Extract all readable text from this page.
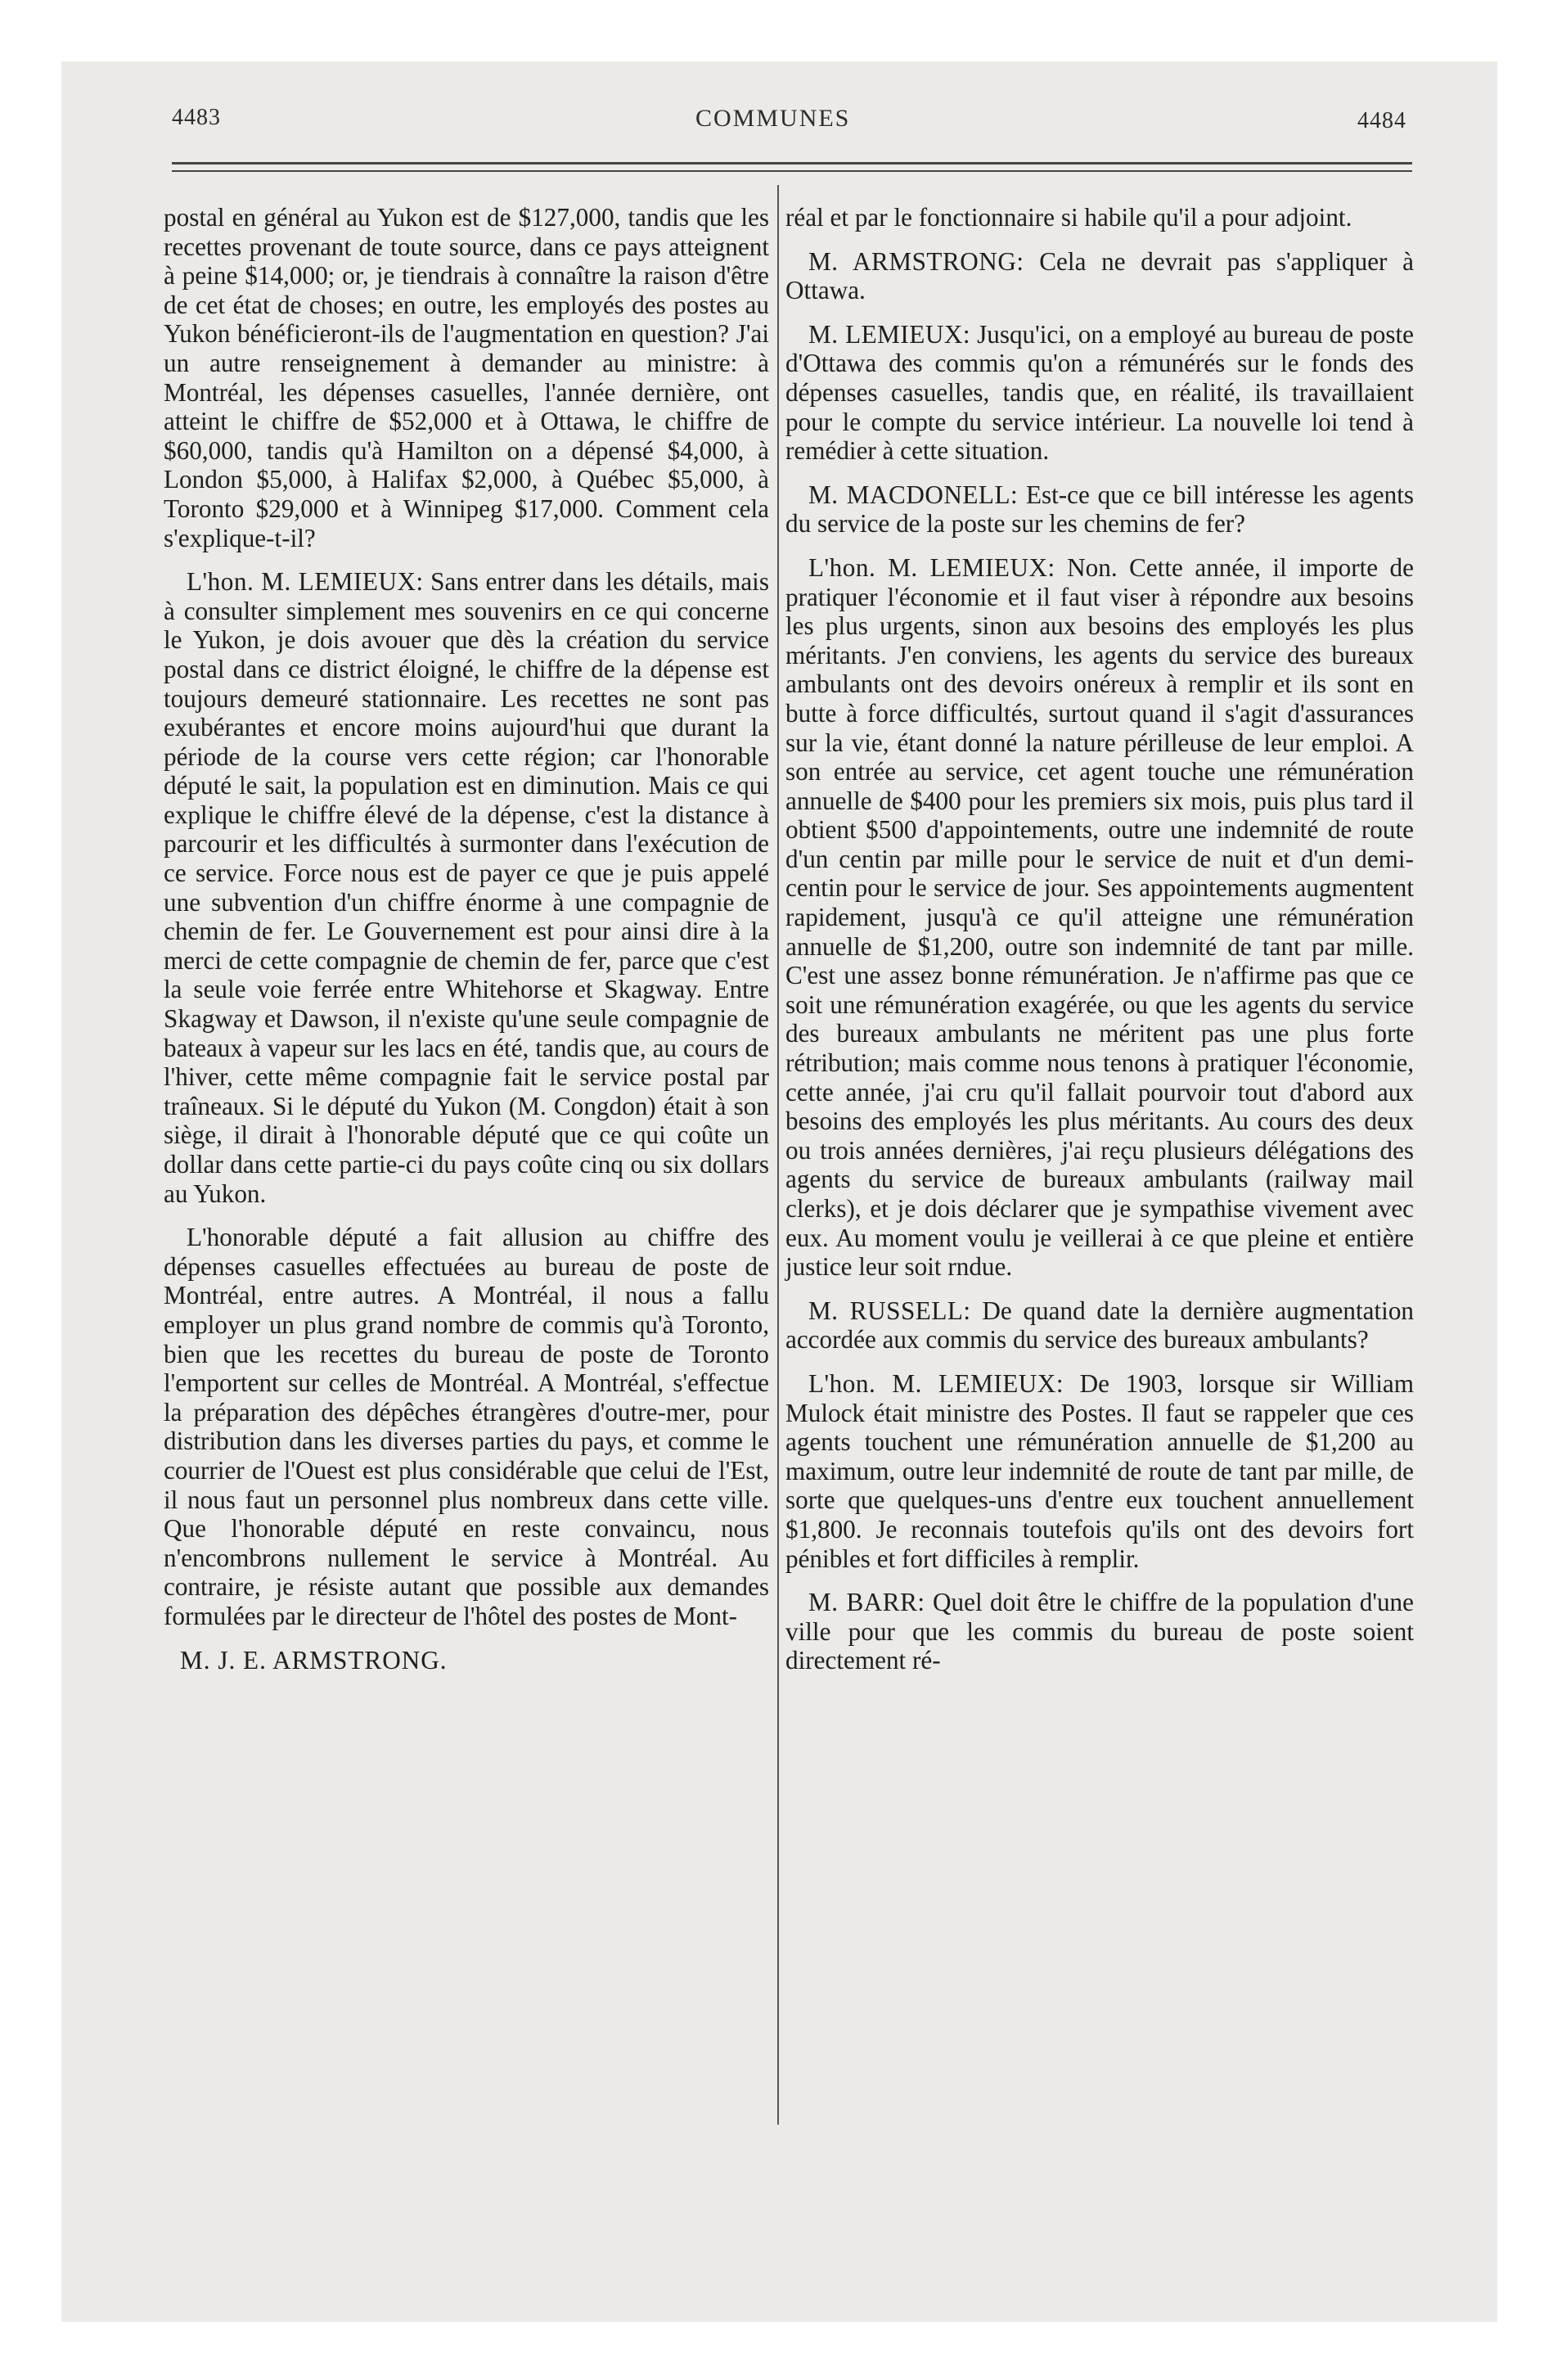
4483	COMMUNES	4484

postal en général au Yukon est de $127,000, tandis que les recettes provenant de toute source, dans ce pays atteignent à peine $14,000; or, je tiendrais à connaître la raison d'être de cet état de choses; en outre, les employés des postes au Yukon bénéficieront-ils de l'augmentation en question? J'ai un autre renseignement à demander au ministre: à Montréal, les dépenses casuelles, l'année dernière, ont atteint le chiffre de $52,000 et à Ottawa, le chiffre de $60,000, tandis qu'à Hamilton on a dépensé $4,000, à London $5,000, à Halifax $2,000, à Québec $5,000, à Toronto $29,000 et à Winnipeg $17,000. Comment cela s'explique-t-il?

L'hon. M. LEMIEUX: Sans entrer dans les détails, mais à consulter simplement mes souvenirs en ce qui concerne le Yukon, je dois avouer que dès la création du service postal dans ce district éloigné, le chiffre de la dépense est toujours demeuré stationnaire. Les recettes ne sont pas exubérantes et encore moins aujourd'hui que durant la période de la course vers cette région; car l'honorable député le sait, la population est en diminution. Mais ce qui explique le chiffre élevé de la dépense, c'est la distance à parcourir et les difficultés à surmonter dans l'exécution de ce service. Force nous est de payer ce que je puis appelé une subvention d'un chiffre énorme à une compagnie de chemin de fer. Le Gouvernement est pour ainsi dire à la merci de cette compagnie de chemin de fer, parce que c'est la seule voie ferrée entre Whitehorse et Skagway. Entre Skagway et Dawson, il n'existe qu'une seule compagnie de bateaux à vapeur sur les lacs en été, tandis que, au cours de l'hiver, cette même compagnie fait le service postal par traîneaux. Si le député du Yukon (M. Congdon) était à son siège, il dirait à l'honorable député que ce qui coûte un dollar dans cette partie-ci du pays coûte cinq ou six dollars au Yukon.

L'honorable député a fait allusion au chiffre des dépenses casuelles effectuées au bureau de poste de Montréal, entre autres. A Montréal, il nous a fallu employer un plus grand nombre de commis qu'à Toronto, bien que les recettes du bureau de poste de Toronto l'emportent sur celles de Montréal. A Montréal, s'effectue la préparation des dépêches étrangères d'outre-mer, pour distribution dans les diverses parties du pays, et comme le courrier de l'Ouest est plus considérable que celui de l'Est, il nous faut un personnel plus nombreux dans cette ville. Que l'honorable député en reste convaincu, nous n'encombrons nullement le service à Montréal. Au contraire, je résiste autant que possible aux demandes formulées par le directeur de l'hôtel des postes de Mont-

M. J. E. ARMSTRONG.

réal et par le fonctionnaire si habile qu'il a pour adjoint.

M. ARMSTRONG: Cela ne devrait pas s'appliquer à Ottawa.

M. LEMIEUX: Jusqu'ici, on a employé au bureau de poste d'Ottawa des commis qu'on a rémunérés sur le fonds des dépenses casuelles, tandis que, en réalité, ils travaillaient pour le compte du service intérieur. La nouvelle loi tend à remédier à cette situation.

M. MACDONELL: Est-ce que ce bill intéresse les agents du service de la poste sur les chemins de fer?

L'hon. M. LEMIEUX: Non. Cette année, il importe de pratiquer l'économie et il faut viser à répondre aux besoins les plus urgents, sinon aux besoins des employés les plus méritants. J'en conviens, les agents du service des bureaux ambulants ont des devoirs onéreux à remplir et ils sont en butte à force difficultés, surtout quand il s'agit d'assurances sur la vie, étant donné la nature périlleuse de leur emploi. A son entrée au service, cet agent touche une rémunération annuelle de $400 pour les premiers six mois, puis plus tard il obtient $500 d'appointements, outre une indemnité de route d'un centin par mille pour le service de nuit et d'un demi-centin pour le service de jour. Ses appointements augmentent rapidement, jusqu'à ce qu'il atteigne une rémunération annuelle de $1,200, outre son indemnité de tant par mille. C'est une assez bonne rémunération. Je n'affirme pas que ce soit une rémunération exagérée, ou que les agents du service des bureaux ambulants ne méritent pas une plus forte rétribution; mais comme nous tenons à pratiquer l'économie, cette année, j'ai cru qu'il fallait pourvoir tout d'abord aux besoins des employés les plus méritants. Au cours des deux ou trois années dernières, j'ai reçu plusieurs délégations des agents du service de bureaux ambulants (railway mail clerks), et je dois déclarer que je sympathise vivement avec eux. Au moment voulu je veillerai à ce que pleine et entière justice leur soit rndue.

M. RUSSELL: De quand date la dernière augmentation accordée aux commis du service des bureaux ambulants?

L'hon. M. LEMIEUX: De 1903, lorsque sir William Mulock était ministre des Postes. Il faut se rappeler que ces agents touchent une rémunération annuelle de $1,200 au maximum, outre leur indemnité de route de tant par mille, de sorte que quelques-uns d'entre eux touchent annuellement $1,800. Je reconnais toutefois qu'ils ont des devoirs fort pénibles et fort difficiles à remplir.

M. BARR: Quel doit être le chiffre de la population d'une ville pour que les commis du bureau de poste soient directement ré-
